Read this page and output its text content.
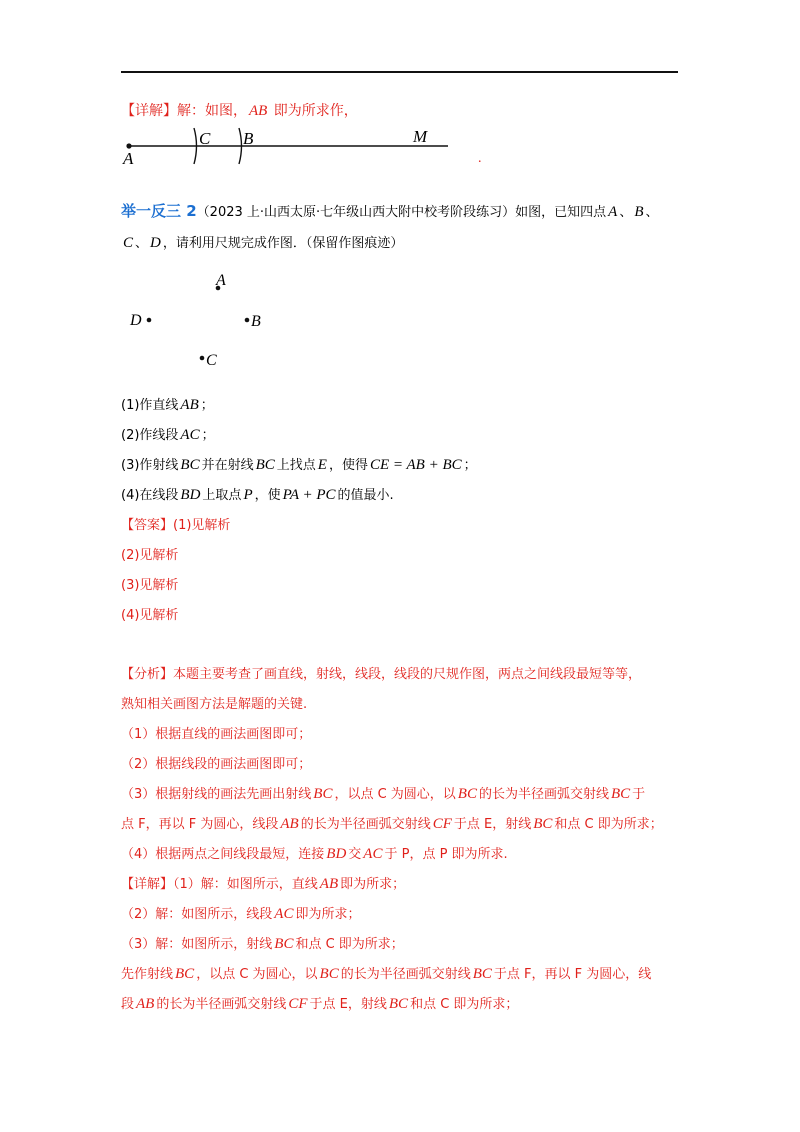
【详解】解：如图， AB 即为所求作，
A
C B	M
.
举一反三 2（2023 上·山西太原·七年级山西大附中校考阶段练习）如图，已知四点 A 、 B 、
C 、 D ，请利用尺规完成作图．（保留作图痕迹）
A
D	B
C
(1)作直线 AB ；
(2)作线段 AC ；
(3)作射线 BC 并在射线 BC 上找点 E ，使得 CE = AB + BC ；
(4)在线段 BD 上取点 P ，使 PA + PC 的值最小.
【答案】(1)见解析
(2)见解析
(3)见解析
(4)见解析
【分析】本题主要考查了画直线，射线，线段，线段的尺规作图，两点之间线段最短等等，
熟知相关画图方法是解题的关键.
（1）根据直线的画法画图即可；
（2）根据线段的画法画图即可；
（3）根据射线的画法先画出射线 BC ，以点 C 为圆心，以 BC 的长为半径画弧交射线 BC 于
点 F，再以 F 为圆心，线段 AB 的长为半径画弧交射线 CF 于点 E，射线 BC 和点 C 即为所求；
（4）根据两点之间线段最短，连接 BD 交 AC 于 P，点 P 即为所求.
【详解】（1）解：如图所示，直线 AB 即为所求；
（2）解：如图所示，线段 AC 即为所求；
（3）解：如图所示，射线 BC 和点 C 即为所求；
先作射线 BC ，以点 C 为圆心，以 BC 的长为半径画弧交射线 BC 于点 F，再以 F 为圆心，线
段 AB 的长为半径画弧交射线 CF 于点 E，射线 BC 和点 C 即为所求；
